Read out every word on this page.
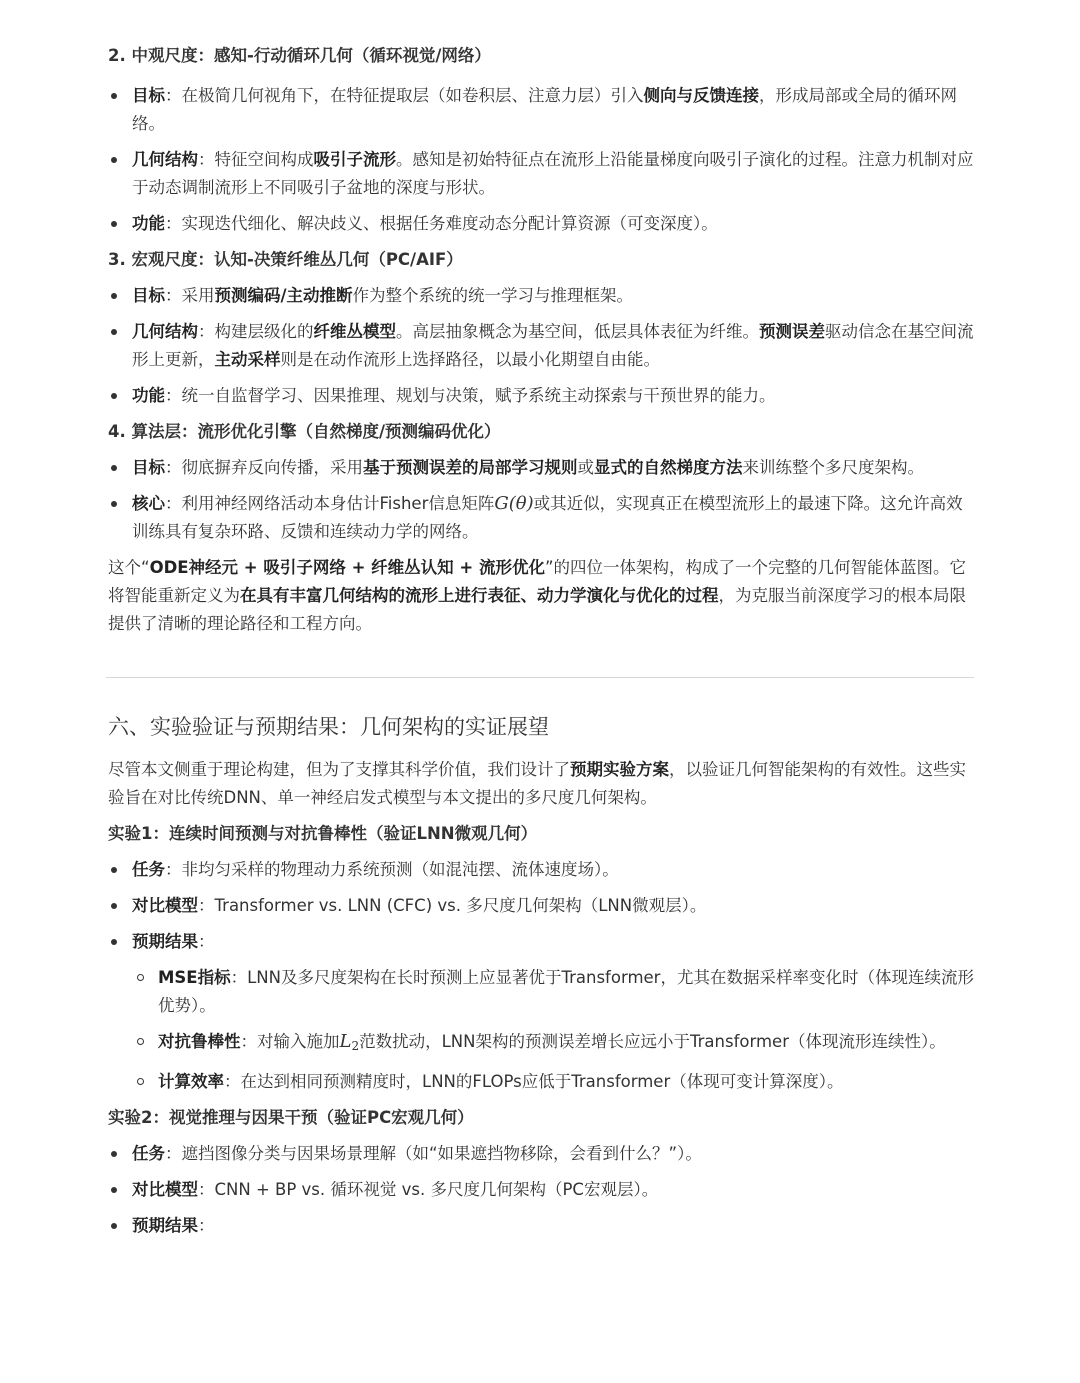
2. 中观尺度：感知-行动循环几何（循环视觉/网络）

目标：在极简几何视角下，在特征提取层（如卷积层、注意力层）引入侧向与反馈连接，形成局部或全局的循环网络。
几何结构：特征空间构成吸引子流形。感知是初始特征点在流形上沿能量梯度向吸引子演化的过程。注意力机制对应于动态调制流形上不同吸引子盆地的深度与形状。
功能：实现迭代细化、解决歧义、根据任务难度动态分配计算资源（可变深度）。

3. 宏观尺度：认知-决策纤维丛几何（PC/AIF）

目标：采用预测编码/主动推断作为整个系统的统一学习与推理框架。
几何结构：构建层级化的纤维丛模型。高层抽象概念为基空间，低层具体表征为纤维。预测误差驱动信念在基空间流形上更新，主动采样则是在动作流形上选择路径，以最小化期望自由能。
功能：统一自监督学习、因果推理、规划与决策，赋予系统主动探索与干预世界的能力。

4. 算法层：流形优化引擎（自然梯度/预测编码优化）

目标：彻底摒弃反向传播，采用基于预测误差的局部学习规则或显式的自然梯度方法来训练整个多尺度架构。
核心：利用神经网络活动本身估计Fisher信息矩阵G(θ)或其近似，实现真正在模型流形上的最速下降。这允许高效训练具有复杂环路、反馈和连续动力学的网络。

这个“ODE神经元 + 吸引子网络 + 纤维丛认知 + 流形优化”的四位一体架构，构成了一个完整的几何智能体蓝图。它将智能重新定义为在具有丰富几何结构的流形上进行表征、动力学演化与优化的过程，为克服当前深度学习的根本局限提供了清晰的理论路径和工程方向。

六、实验验证与预期结果：几何架构的实证展望

尽管本文侧重于理论构建，但为了支撑其科学价值，我们设计了预期实验方案，以验证几何智能架构的有效性。这些实验旨在对比传统DNN、单一神经启发式模型与本文提出的多尺度几何架构。

实验1：连续时间预测与对抗鲁棒性（验证LNN微观几何）

任务：非均匀采样的物理动力系统预测（如混沌摆、流体速度场）。
对比模型：Transformer vs. LNN (CFC) vs. 多尺度几何架构（LNN微观层）。
预期结果：
MSE指标：LNN及多尺度架构在长时预测上应显著优于Transformer，尤其在数据采样率变化时（体现连续流形优势）。
对抗鲁棒性：对输入施加$L_2$范数扰动，LNN架构的预测误差增长应远小于Transformer（体现流形连续性）。
计算效率：在达到相同预测精度时，LNN的FLOPs应低于Transformer（体现可变计算深度）。

实验2：视觉推理与因果干预（验证PC宏观几何）

任务：遮挡图像分类与因果场景理解（如“如果遮挡物移除，会看到什么？”）。
对比模型：CNN + BP vs. 循环视觉 vs. 多尺度几何架构（PC宏观层）。
预期结果：
